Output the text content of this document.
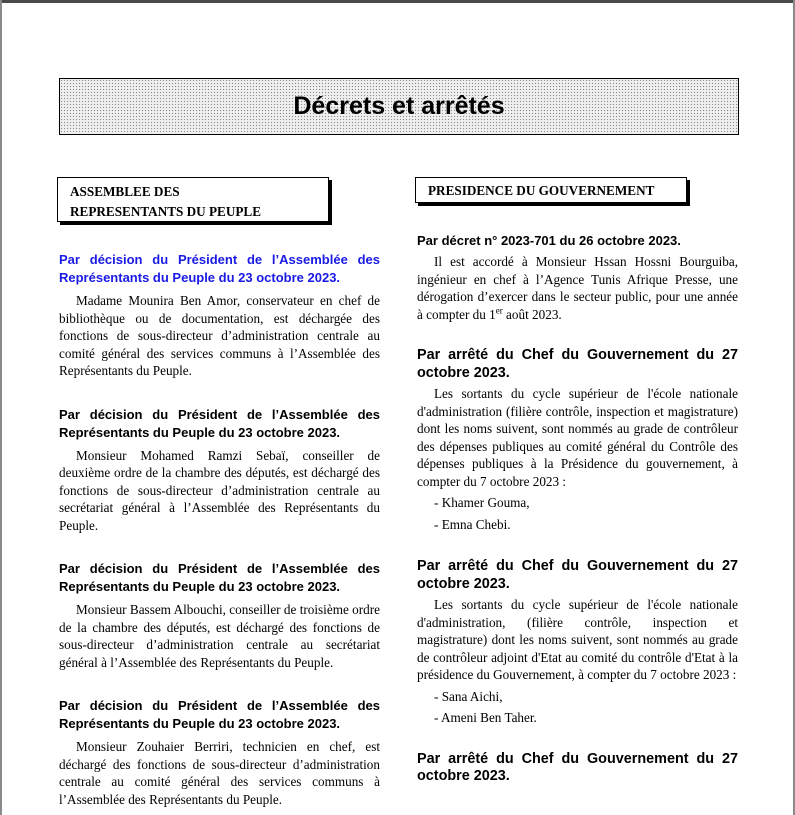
Décrets et arrêtés
ASSEMBLEE DES
REPRESENTANTS DU PEUPLE
PRESIDENCE DU GOUVERNEMENT

Par décision du Président de l’Assemblée des Représentants du Peuple du 23 octobre 2023.

Madame Mounira Ben Amor, conservateur en chef de bibliothèque ou de documentation, est déchargée des fonctions de sous-directeur d’administration centrale au comité général des services communs à l’Assemblée des Représentants du Peuple.

Par décision du Président de l’Assemblée des Représentants du Peuple du 23 octobre 2023.

Monsieur Mohamed Ramzi Sebaï, conseiller de deuxième ordre de la chambre des députés, est déchargé des fonctions de sous-directeur d’administration centrale au secrétariat général à l’Assemblée des Représentants du Peuple.

Par décision du Président de l’Assemblée des Représentants du Peuple du 23 octobre 2023.

Monsieur Bassem Albouchi, conseiller de troisième ordre de la chambre des députés, est déchargé des fonctions de sous-directeur d’administration centrale au secrétariat général à l’Assemblée des Représentants du Peuple.

Par décision du Président de l’Assemblée des Représentants du Peuple du 23 octobre 2023.

Monsieur Zouhaier Berriri, technicien en chef, est déchargé des fonctions de sous-directeur d’administration centrale au comité général des services communs à l’Assemblée des Représentants du Peuple.

Par décret n° 2023-701 du 26 octobre 2023.

Il est accordé à Monsieur Hssan Hossni Bourguiba, ingénieur en chef à l’Agence Tunis Afrique Presse, une dérogation d’exercer dans le secteur public, pour une année à compter du 1er août 2023.

Par arrêté du Chef du Gouvernement du 27 octobre 2023.

Les sortants du cycle supérieur de l'école nationale d'administration (filière contrôle, inspection et magistrature) dont les noms suivent, sont nommés au grade de contrôleur des dépenses publiques au comité général du Contrôle des dépenses publiques à la Présidence du gouvernement, à compter du 7 octobre 2023 :

- Khamer Gouma,

- Emna Chebi.

Par arrêté du Chef du Gouvernement du 27 octobre 2023.

Les sortants du cycle supérieur de l'école nationale d'administration, (filière contrôle, inspection et magistrature) dont les noms suivent, sont nommés au grade de contrôleur adjoint d'Etat au comité du contrôle d'Etat à la présidence du Gouvernement, à compter du 7 octobre 2023 :

- Sana Aichi,

- Ameni Ben Taher.

Par arrêté du Chef du Gouvernement du 27 octobre 2023.
